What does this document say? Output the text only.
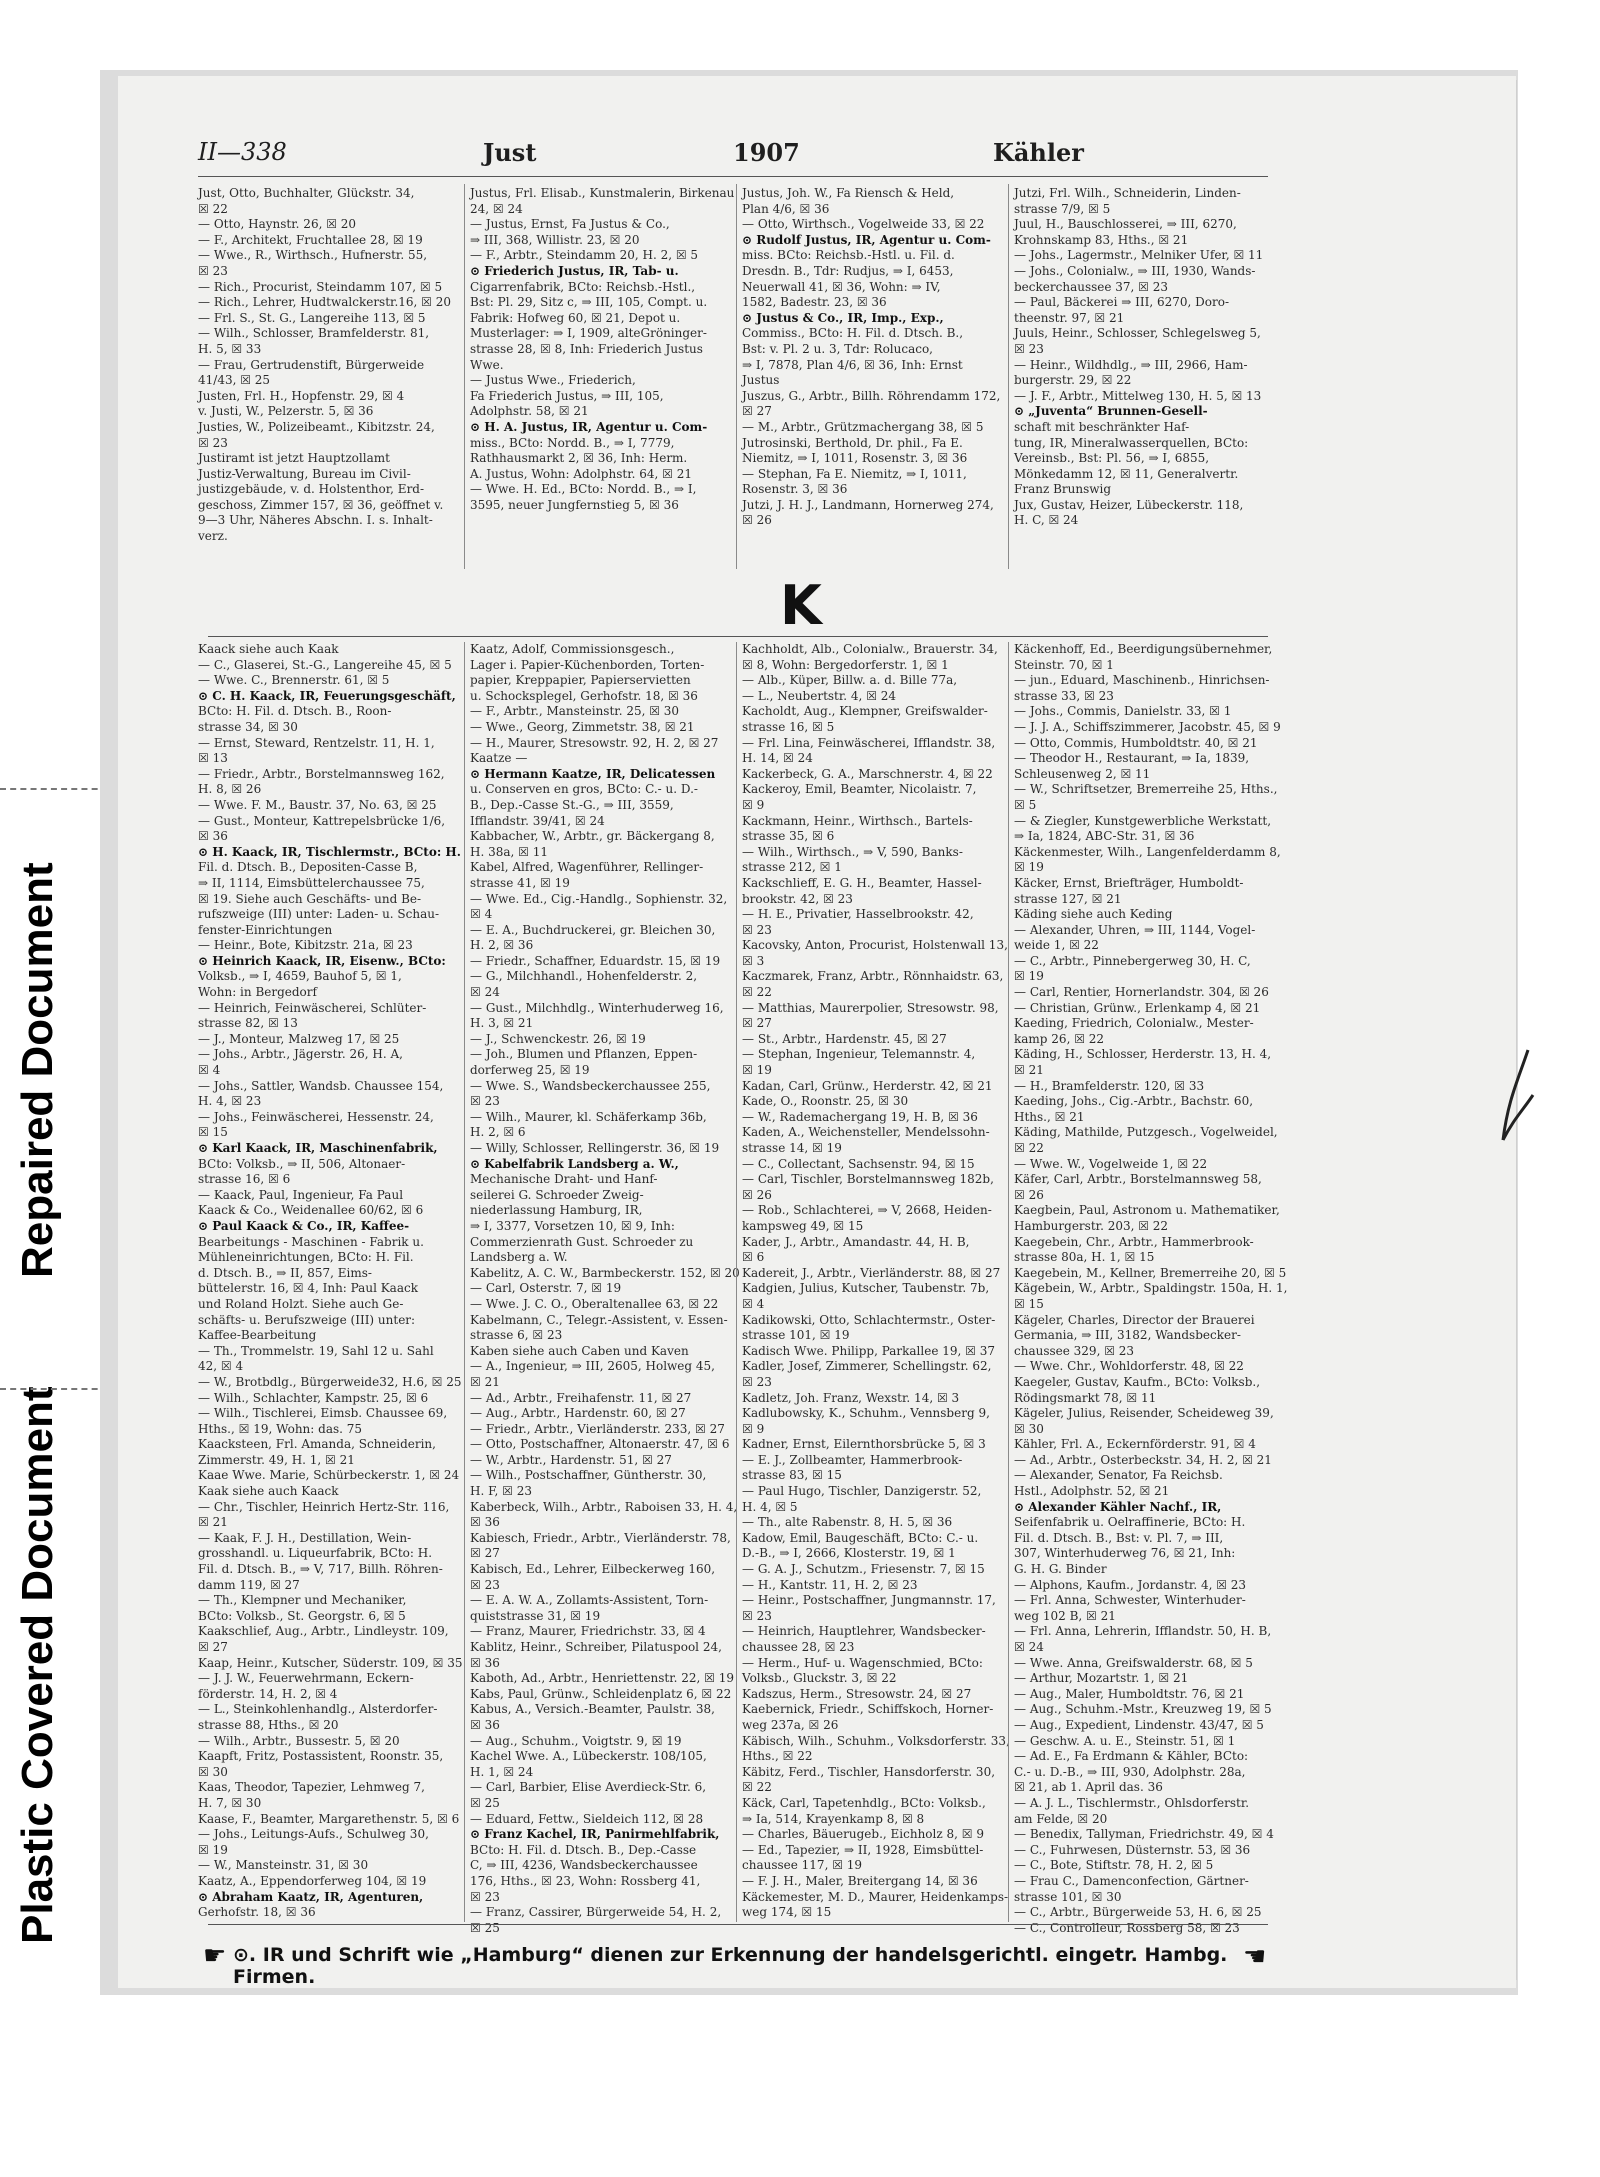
Plastic Covered Document
Repaired Document
II—338	Just	1907	Kähler

Just, Otto, Buchhalter, Glückstr. 34,

☒ 22

— Otto, Haynstr. 26, ☒ 20

— F., Architekt, Fruchtallee 28, ☒ 19

— Wwe., R., Wirthsch., Hufnerstr. 55,

☒ 23

— Rich., Procurist, Steindamm 107, ☒ 5

— Rich., Lehrer, Hudtwalckerstr.16, ☒ 20

— Frl. S., St. G., Langereihe 113, ☒ 5

— Wilh., Schlosser, Bramfelderstr. 81,

H. 5, ☒ 33

— Frau, Gertrudenstift, Bürgerweide

41/43, ☒ 25

Justen, Frl. H., Hopfenstr. 29, ☒ 4

v. Justi, W., Pelzerstr. 5, ☒ 36

Justies, W., Polizeibeamt., Kibitzstr. 24,

☒ 23

Justiramt ist jetzt Hauptzollamt

Justiz-Verwaltung, Bureau im Civil-

justizgebäude, v. d. Holstenthor, Erd-

geschoss, Zimmer 157, ☒ 36, geöffnet v.

9—3 Uhr, Näheres Abschn. I. s. Inhalt-

verz.

Justus, Frl. Elisab., Kunstmalerin, Birkenau

24, ☒ 24

— Justus, Ernst, Fa Justus & Co.,

⇒ III, 368, Willistr. 23, ☒ 20

— F., Arbtr., Steindamm 20, H. 2, ☒ 5

⊙ Friederich Justus, IR, Tab- u.

Cigarrenfabrik, BCto: Reichsb.-Hstl.,

Bst: Pl. 29, Sitz c, ⇒ III, 105, Compt. u.

Fabrik: Hofweg 60, ☒ 21, Depot u.

Musterlager: ⇒ I, 1909, alteGröninger-

strasse 28, ☒ 8, Inh: Friederich Justus

Wwe.

— Justus Wwe., Friederich,

Fa Friederich Justus, ⇒ III, 105,

Adolphstr. 58, ☒ 21

⊙ H. A. Justus, IR, Agentur u. Com-

miss., BCto: Nordd. B., ⇒ I, 7779,

Rathhausmarkt 2, ☒ 36, Inh: Herm.

A. Justus, Wohn: Adolphstr. 64, ☒ 21

— Wwe. H. Ed., BCto: Nordd. B., ⇒ I,

3595, neuer Jungfernstieg 5, ☒ 36

Justus, Joh. W., Fa Riensch & Held,

Plan 4/6, ☒ 36

— Otto, Wirthsch., Vogelweide 33, ☒ 22

⊙ Rudolf Justus, IR, Agentur u. Com-

miss. BCto: Reichsb.-Hstl. u. Fil. d.

Dresdn. B., Tdr: Rudjus, ⇒ I, 6453,

Neuerwall 41, ☒ 36, Wohn: ⇒ IV,

1582, Badestr. 23, ☒ 36

⊙ Justus & Co., IR, Imp., Exp.,

Commiss., BCto: H. Fil. d. Dtsch. B.,

Bst: v. Pl. 2 u. 3, Tdr: Rolucaco,

⇒ I, 7878, Plan 4/6, ☒ 36, Inh: Ernst

Justus

Juszus, G., Arbtr., Billh. Röhrendamm 172,

☒ 27

— M., Arbtr., Grützmachergang 38, ☒ 5

Jutrosinski, Berthold, Dr. phil., Fa E.

Niemitz, ⇒ I, 1011, Rosenstr. 3, ☒ 36

— Stephan, Fa E. Niemitz, ⇒ I, 1011,

Rosenstr. 3, ☒ 36

Jutzi, J. H. J., Landmann, Hornerweg 274,

☒ 26

Jutzi, Frl. Wilh., Schneiderin, Linden-

strasse 7/9, ☒ 5

Juul, H., Bauschlosserei, ⇒ III, 6270,

Krohnskamp 83, Hths., ☒ 21

— Johs., Lagermstr., Melniker Ufer, ☒ 11

— Johs., Colonialw., ⇒ III, 1930, Wands-

beckerchaussee 37, ☒ 23

— Paul, Bäckerei ⇒ III, 6270, Doro-

theenstr. 97, ☒ 21

Juuls, Heinr., Schlosser, Schlegelsweg 5,

☒ 23

— Heinr., Wildhdlg., ⇒ III, 2966, Ham-

burgerstr. 29, ☒ 22

— J. F., Arbtr., Mittelweg 130, H. 5, ☒ 13

⊙ „Juventa“ Brunnen-Gesell-

schaft mit beschränkter Haf-

tung, IR, Mineralwasserquellen, BCto:

Vereinsb., Bst: Pl. 56, ⇒ I, 6855,

Mönkedamm 12, ☒ 11, Generalvertr.

Franz Brunswig

Jux, Gustav, Heizer, Lübeckerstr. 118,

H. C, ☒ 24

K

Kaack siehe auch Kaak

— C., Glaserei, St.-G., Langereihe 45, ☒ 5

— Wwe. C., Brennerstr. 61, ☒ 5

⊙ C. H. Kaack, IR, Feuerungsgeschäft,

BCto: H. Fil. d. Dtsch. B., Roon-

strasse 34, ☒ 30

— Ernst, Steward, Rentzelstr. 11, H. 1,

☒ 13

— Friedr., Arbtr., Borstelmannsweg 162,

H. 8, ☒ 26

— Wwe. F. M., Baustr. 37, No. 63, ☒ 25

— Gust., Monteur, Kattrepelsbrücke 1/6,

☒ 36

⊙ H. Kaack, IR, Tischlermstr., BCto: H.

Fil. d. Dtsch. B., Depositen-Casse B,

⇒ II, 1114, Eimsbüttelerchaussee 75,

☒ 19. Siehe auch Geschäfts- und Be-

rufszweige (III) unter: Laden- u. Schau-

fenster-Einrichtungen

— Heinr., Bote, Kibitzstr. 21a, ☒ 23

⊙ Heinrich Kaack, IR, Eisenw., BCto:

Volksb., ⇒ I, 4659, Bauhof 5, ☒ 1,

Wohn: in Bergedorf

— Heinrich, Feinwäscherei, Schlüter-

strasse 82, ☒ 13

— J., Monteur, Malzweg 17, ☒ 25

— Johs., Arbtr., Jägerstr. 26, H. A,

☒ 4

— Johs., Sattler, Wandsb. Chaussee 154,

H. 4, ☒ 23

— Johs., Feinwäscherei, Hessenstr. 24,

☒ 15

⊙ Karl Kaack, IR, Maschinenfabrik,

BCto: Volksb., ⇒ II, 506, Altonaer-

strasse 16, ☒ 6

— Kaack, Paul, Ingenieur, Fa Paul

Kaack & Co., Weidenallee 60/62, ☒ 6

⊙ Paul Kaack & Co., IR, Kaffee-

Bearbeitungs - Maschinen - Fabrik u.

Mühleneinrichtungen, BCto: H. Fil.

d. Dtsch. B., ⇒ II, 857, Eims-

büttelerstr. 16, ☒ 4, Inh: Paul Kaack

und Roland Holzt. Siehe auch Ge-

schäfts- u. Berufszweige (III) unter:

Kaffee-Bearbeitung

— Th., Trommelstr. 19, Sahl 12 u. Sahl

42, ☒ 4

— W., Brotbdlg., Bürgerweide32, H.6, ☒ 25

— Wilh., Schlachter, Kampstr. 25, ☒ 6

— Wilh., Tischlerei, Eimsb. Chaussee 69,

Hths., ☒ 19, Wohn: das. 75

Kaacksteen, Frl. Amanda, Schneiderin,

Zimmerstr. 49, H. 1, ☒ 21

Kaae Wwe. Marie, Schürbeckerstr. 1, ☒ 24

Kaak siehe auch Kaack

— Chr., Tischler, Heinrich Hertz-Str. 116,

☒ 21

— Kaak, F. J. H., Destillation, Wein-

grosshandl. u. Liqueurfabrik, BCto: H.

Fil. d. Dtsch. B., ⇒ V, 717, Billh. Röhren-

damm 119, ☒ 27

— Th., Klempner und Mechaniker,

BCto: Volksb., St. Georgstr. 6, ☒ 5

Kaakschlief, Aug., Arbtr., Lindleystr. 109,

☒ 27

Kaap, Heinr., Kutscher, Süderstr. 109, ☒ 35

— J. J. W., Feuerwehrmann, Eckern-

förderstr. 14, H. 2, ☒ 4

— L., Steinkohlenhandlg., Alsterdorfer-

strasse 88, Hths., ☒ 20

— Wilh., Arbtr., Bussestr. 5, ☒ 20

Kaapft, Fritz, Postassistent, Roonstr. 35,

☒ 30

Kaas, Theodor, Tapezier, Lehmweg 7,

H. 7, ☒ 30

Kaase, F., Beamter, Margarethenstr. 5, ☒ 6

— Johs., Leitungs-Aufs., Schulweg 30,

☒ 19

— W., Mansteinstr. 31, ☒ 30

Kaatz, A., Eppendorferweg 104, ☒ 19

⊙ Abraham Kaatz, IR, Agenturen,

Gerhofstr. 18, ☒ 36

Kaatz, Adolf, Commissionsgesch.,

Lager i. Papier-Küchenborden, Torten-

papier, Kreppapier, Papierservietten

u. Schocksplegel, Gerhofstr. 18, ☒ 36

— F., Arbtr., Mansteinstr. 25, ☒ 30

— Wwe., Georg, Zimmetstr. 38, ☒ 21

— H., Maurer, Stresowstr. 92, H. 2, ☒ 27

Kaatze —

⊙ Hermann Kaatze, IR, Delicatessen

u. Conserven en gros, BCto: C.- u. D.-

B., Dep.-Casse St.-G., ⇒ III, 3559,

Ifflandstr. 39/41, ☒ 24

Kabbacher, W., Arbtr., gr. Bäckergang 8,

H. 38a, ☒ 11

Kabel, Alfred, Wagenführer, Rellinger-

strasse 41, ☒ 19

— Wwe. Ed., Cig.-Handlg., Sophienstr. 32,

☒ 4

— E. A., Buchdruckerei, gr. Bleichen 30,

H. 2, ☒ 36

— Friedr., Schaffner, Eduardstr. 15, ☒ 19

— G., Milchhandl., Hohenfelderstr. 2,

☒ 24

— Gust., Milchhdlg., Winterhuderweg 16,

H. 3, ☒ 21

— J., Schwenckestr. 26, ☒ 19

— Joh., Blumen und Pflanzen, Eppen-

dorferweg 25, ☒ 19

— Wwe. S., Wandsbeckerchaussee 255,

☒ 23

— Wilh., Maurer, kl. Schäferkamp 36b,

H. 2, ☒ 6

— Willy, Schlosser, Rellingerstr. 36, ☒ 19

⊙ Kabelfabrik Landsberg a. W.,

Mechanische Draht- und Hanf-

seilerei G. Schroeder Zweig-

niederlassung Hamburg, IR,

⇒ I, 3377, Vorsetzen 10, ☒ 9, Inh:

Commerzienrath Gust. Schroeder zu

Landsberg a. W.

Kabelitz, A. C. W., Barmbeckerstr. 152, ☒ 20

— Carl, Osterstr. 7, ☒ 19

— Wwe. J. C. O., Oberaltenallee 63, ☒ 22

Kabelmann, C., Telegr.-Assistent, v. Essen-

strasse 6, ☒ 23

Kaben siehe auch Caben und Kaven

— A., Ingenieur, ⇒ III, 2605, Holweg 45,

☒ 21

— Ad., Arbtr., Freihafenstr. 11, ☒ 27

— Aug., Arbtr., Hardenstr. 60, ☒ 27

— Friedr., Arbtr., Vierländerstr. 233, ☒ 27

— Otto, Postschaffner, Altonaerstr. 47, ☒ 6

— W., Arbtr., Hardenstr. 51, ☒ 27

— Wilh., Postschaffner, Güntherstr. 30,

H. F, ☒ 23

Kaberbeck, Wilh., Arbtr., Raboisen 33, H. 4,

☒ 36

Kabiesch, Friedr., Arbtr., Vierländerstr. 78,

☒ 27

Kabisch, Ed., Lehrer, Eilbeckerweg 160,

☒ 23

— E. A. W. A., Zollamts-Assistent, Torn-

quiststrasse 31, ☒ 19

— Franz, Maurer, Friedrichstr. 33, ☒ 4

Kablitz, Heinr., Schreiber, Pilatuspool 24,

☒ 36

Kaboth, Ad., Arbtr., Henriettenstr. 22, ☒ 19

Kabs, Paul, Grünw., Schleidenplatz 6, ☒ 22

Kabus, A., Versich.-Beamter, Paulstr. 38,

☒ 36

— Aug., Schuhm., Voigtstr. 9, ☒ 19

Kachel Wwe. A., Lübeckerstr. 108/105,

H. 1, ☒ 24

— Carl, Barbier, Elise Averdieck-Str. 6,

☒ 25

— Eduard, Fettw., Sieldeich 112, ☒ 28

⊙ Franz Kachel, IR, Panirmehlfabrik,

BCto: H. Fil. d. Dtsch. B., Dep.-Casse

C, ⇒ III, 4236, Wandsbeckerchaussee

176, Hths., ☒ 23, Wohn: Rossberg 41,

☒ 23

— Franz, Cassirer, Bürgerweide 54, H. 2,

☒ 25

Kachholdt, Alb., Colonialw., Brauerstr. 34,

☒ 8, Wohn: Bergedorferstr. 1, ☒ 1

— Alb., Küper, Billw. a. d. Bille 77a,

— L., Neubertstr. 4, ☒ 24

Kacholdt, Aug., Klempner, Greifswalder-

strasse 16, ☒ 5

— Frl. Lina, Feinwäscherei, Ifflandstr. 38,

H. 14, ☒ 24

Kackerbeck, G. A., Marschnerstr. 4, ☒ 22

Kackeroy, Emil, Beamter, Nicolaistr. 7,

☒ 9

Kackmann, Heinr., Wirthsch., Bartels-

strasse 35, ☒ 6

— Wilh., Wirthsch., ⇒ V, 590, Banks-

strasse 212, ☒ 1

Kackschlieff, E. G. H., Beamter, Hassel-

brookstr. 42, ☒ 23

— H. E., Privatier, Hasselbrookstr. 42,

☒ 23

Kacovsky, Anton, Procurist, Holstenwall 13,

☒ 3

Kaczmarek, Franz, Arbtr., Rönnhaidstr. 63,

☒ 22

— Matthias, Maurerpolier, Stresowstr. 98,

☒ 27

— St., Arbtr., Hardenstr. 45, ☒ 27

— Stephan, Ingenieur, Telemannstr. 4,

☒ 19

Kadan, Carl, Grünw., Herderstr. 42, ☒ 21

Kade, O., Roonstr. 25, ☒ 30

— W., Rademachergang 19, H. B, ☒ 36

Kaden, A., Weichensteller, Mendelssohn-

strasse 14, ☒ 19

— C., Collectant, Sachsenstr. 94, ☒ 15

— Carl, Tischler, Borstelmannsweg 182b,

☒ 26

— Rob., Schlachterei, ⇒ V, 2668, Heiden-

kampsweg 49, ☒ 15

Kader, J., Arbtr., Amandastr. 44, H. B,

☒ 6

Kadereit, J., Arbtr., Vierländerstr. 88, ☒ 27

Kadgien, Julius, Kutscher, Taubenstr. 7b,

☒ 4

Kadikowski, Otto, Schlachtermstr., Oster-

strasse 101, ☒ 19

Kadisch Wwe. Philipp, Parkallee 19, ☒ 37

Kadler, Josef, Zimmerer, Schellingstr. 62,

☒ 23

Kadletz, Joh. Franz, Wexstr. 14, ☒ 3

Kadlubowsky, K., Schuhm., Vennsberg 9,

☒ 9

Kadner, Ernst, Eilernthorsbrücke 5, ☒ 3

— E. J., Zollbeamter, Hammerbrook-

strasse 83, ☒ 15

— Paul Hugo, Tischler, Danzigerstr. 52,

H. 4, ☒ 5

— Th., alte Rabenstr. 8, H. 5, ☒ 36

Kadow, Emil, Baugeschäft, BCto: C.- u.

D.-B., ⇒ I, 2666, Klosterstr. 19, ☒ 1

— G. A. J., Schutzm., Friesenstr. 7, ☒ 15

— H., Kantstr. 11, H. 2, ☒ 23

— Heinr., Postschaffner, Jungmannstr. 17,

☒ 23

— Heinrich, Hauptlehrer, Wandsbecker-

chaussee 28, ☒ 23

— Herm., Huf- u. Wagenschmied, BCto:

Volksb., Gluckstr. 3, ☒ 22

Kadszus, Herm., Stresowstr. 24, ☒ 27

Kaebernick, Friedr., Schiffskoch, Horner-

weg 237a, ☒ 26

Käbisch, Wilh., Schuhm., Volksdorferstr. 33,

Hths., ☒ 22

Käbitz, Ferd., Tischler, Hansdorferstr. 30,

☒ 22

Käck, Carl, Tapetenhdlg., BCto: Volksb.,

⇒ Ia, 514, Krayenkamp 8, ☒ 8

— Charles, Bäuerugeb., Eichholz 8, ☒ 9

— Ed., Tapezier, ⇒ II, 1928, Eimsbüttel-

chaussee 117, ☒ 19

— F. J. H., Maler, Breitergang 14, ☒ 36

Käckemester, M. D., Maurer, Heidenkamps-

weg 174, ☒ 15

Käckenhoff, Ed., Beerdigungsübernehmer,

Steinstr. 70, ☒ 1

— jun., Eduard, Maschinenb., Hinrichsen-

strasse 33, ☒ 23

— Johs., Commis, Danielstr. 33, ☒ 1

— J. J. A., Schiffszimmerer, Jacobstr. 45, ☒ 9

— Otto, Commis, Humboldtstr. 40, ☒ 21

— Theodor H., Restaurant, ⇒ Ia, 1839,

Schleusenweg 2, ☒ 11

— W., Schriftsetzer, Bremerreihe 25, Hths.,

☒ 5

— & Ziegler, Kunstgewerbliche Werkstatt,

⇒ Ia, 1824, ABC-Str. 31, ☒ 36

Käckenmester, Wilh., Langenfelderdamm 8,

☒ 19

Käcker, Ernst, Briefträger, Humboldt-

strasse 127, ☒ 21

Käding siehe auch Keding

— Alexander, Uhren, ⇒ III, 1144, Vogel-

weide 1, ☒ 22

— C., Arbtr., Pinnebergerweg 30, H. C,

☒ 19

— Carl, Rentier, Hornerlandstr. 304, ☒ 26

— Christian, Grünw., Erlenkamp 4, ☒ 21

Kaeding, Friedrich, Colonialw., Mester-

kamp 26, ☒ 22

Käding, H., Schlosser, Herderstr. 13, H. 4,

☒ 21

— H., Bramfelderstr. 120, ☒ 33

Kaeding, Johs., Cig.-Arbtr., Bachstr. 60,

Hths., ☒ 21

Käding, Mathilde, Putzgesch., Vogelweidel,

☒ 22

— Wwe. W., Vogelweide 1, ☒ 22

Käfer, Carl, Arbtr., Borstelmannsweg 58,

☒ 26

Kaegbein, Paul, Astronom u. Mathematiker,

Hamburgerstr. 203, ☒ 22

Kaegebein, Chr., Arbtr., Hammerbrook-

strasse 80a, H. 1, ☒ 15

Kaegebein, M., Kellner, Bremerreihe 20, ☒ 5

Kägebein, W., Arbtr., Spaldingstr. 150a, H. 1,

☒ 15

Kägeler, Charles, Director der Brauerei

Germania, ⇒ III, 3182, Wandsbecker-

chaussee 329, ☒ 23

— Wwe. Chr., Wohldorferstr. 48, ☒ 22

Kaegeler, Gustav, Kaufm., BCto: Volksb.,

Rödingsmarkt 78, ☒ 11

Kägeler, Julius, Reisender, Scheideweg 39,

☒ 30

Kähler, Frl. A., Eckernförderstr. 91, ☒ 4

— Ad., Arbtr., Osterbeckstr. 34, H. 2, ☒ 21

— Alexander, Senator, Fa Reichsb.

Hstl., Adolphstr. 52, ☒ 21

⊙ Alexander Kähler Nachf., IR,

Seifenfabrik u. Oelraffinerie, BCto: H.

Fil. d. Dtsch. B., Bst: v. Pl. 7, ⇒ III,

307, Winterhuderweg 76, ☒ 21, Inh:

G. H. G. Binder

— Alphons, Kaufm., Jordanstr. 4, ☒ 23

— Frl. Anna, Schwester, Winterhuder-

weg 102 B, ☒ 21

— Frl. Anna, Lehrerin, Ifflandstr. 50, H. B,

☒ 24

— Wwe. Anna, Greifswalderstr. 68, ☒ 5

— Arthur, Mozartstr. 1, ☒ 21

— Aug., Maler, Humboldtstr. 76, ☒ 21

— Aug., Schuhm.-Mstr., Kreuzweg 19, ☒ 5

— Aug., Expedient, Lindenstr. 43/47, ☒ 5

— Geschw. A. u. E., Steinstr. 51, ☒ 1

— Ad. E., Fa Erdmann & Kähler, BCto:

C.- u. D.-B., ⇒ III, 930, Adolphstr. 28a,

☒ 21, ab 1. April das. 36

— A. J. L., Tischlermstr., Ohlsdorferstr.

am Felde, ☒ 20

— Benedix, Tallyman, Friedrichstr. 49, ☒ 4

— C., Fuhrwesen, Düsternstr. 53, ☒ 36

— C., Bote, Stiftstr. 78, H. 2, ☒ 5

— Frau C., Damenconfection, Gärtner-

strasse 101, ☒ 30

— C., Arbtr., Bürgerweide 53, H. 6, ☒ 25

— C., Controlleur, Rossberg 58, ☒ 23

☛ ⊙. IR und Schrift wie „Hamburg“ dienen zur Erkennung der handelsgerichtl. eingetr. Hambg. Firmen.
☚
